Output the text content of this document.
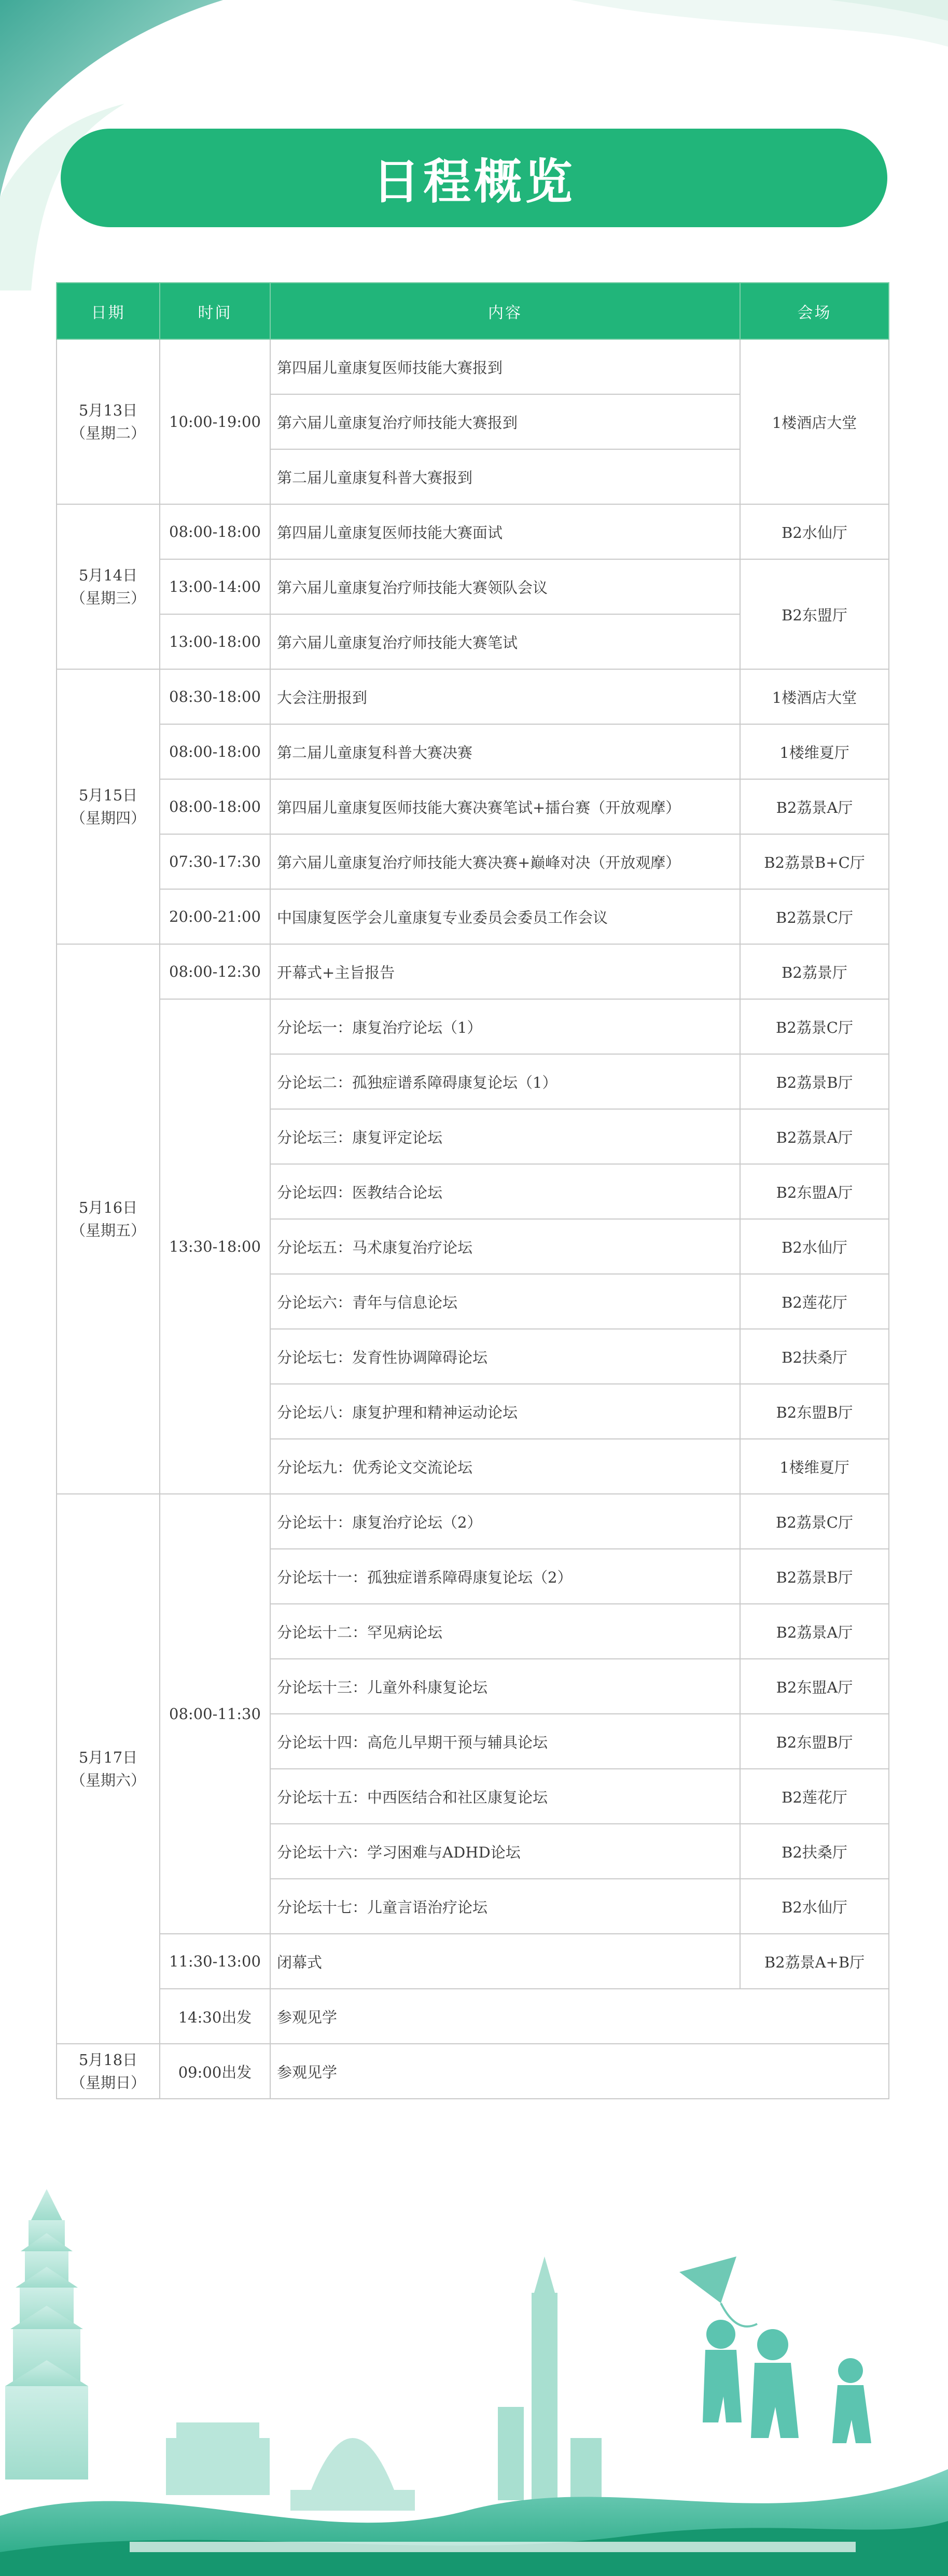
日程概览
日期	时间	内容	会场

5月13日
（星期二）	10:00-19:00	第四届儿童康复医师技能大赛报到	1楼酒店大堂
		第六届儿童康复治疗师技能大赛报到	
		第二届儿童康复科普大赛报到	

5月14日
（星期三）	08:00-18:00	第四届儿童康复医师技能大赛面试	B2水仙厅
	13:00-14:00	第六届儿童康复治疗师技能大赛领队会议	B2东盟厅
	13:00-18:00	第六届儿童康复治疗师技能大赛笔试	

5月15日
（星期四）	08:30-18:00	大会注册报到	1楼酒店大堂
	08:00-18:00	第二届儿童康复科普大赛决赛	1楼维夏厅
	08:00-18:00	第四届儿童康复医师技能大赛决赛笔试+擂台赛（开放观摩）	B2荔景A厅
	07:30-17:30	第六届儿童康复治疗师技能大赛决赛+巅峰对决（开放观摩）	B2荔景B+C厅
	20:00-21:00	中国康复医学会儿童康复专业委员会委员工作会议	B2荔景C厅

5月16日
（星期五）	08:00-12:30	开幕式+主旨报告	B2荔景厅
	13:30-18:00	分论坛一：康复治疗论坛（1）	B2荔景C厅
		分论坛二：孤独症谱系障碍康复论坛（1）	B2荔景B厅
		分论坛三：康复评定论坛	B2荔景A厅
		分论坛四：医教结合论坛	B2东盟A厅
		分论坛五：马术康复治疗论坛	B2水仙厅
		分论坛六：青年与信息论坛	B2莲花厅
		分论坛七：发育性协调障碍论坛	B2扶桑厅
		分论坛八：康复护理和精神运动论坛	B2东盟B厅
		分论坛九：优秀论文交流论坛	1楼维夏厅

5月17日
（星期六）	08:00-11:30	分论坛十：康复治疗论坛（2）	B2荔景C厅
		分论坛十一：孤独症谱系障碍康复论坛（2）	B2荔景B厅
		分论坛十二：罕见病论坛	B2荔景A厅
		分论坛十三：儿童外科康复论坛	B2东盟A厅
		分论坛十四：高危儿早期干预与辅具论坛	B2东盟B厅
		分论坛十五：中西医结合和社区康复论坛	B2莲花厅
		分论坛十六：学习困难与ADHD论坛	B2扶桑厅
		分论坛十七：儿童言语治疗论坛	B2水仙厅
	11:30-13:00	闭幕式	B2荔景A+B厅
	14:30出发	参观见学	

5月18日
（星期日）	09:00出发	参观见学	
